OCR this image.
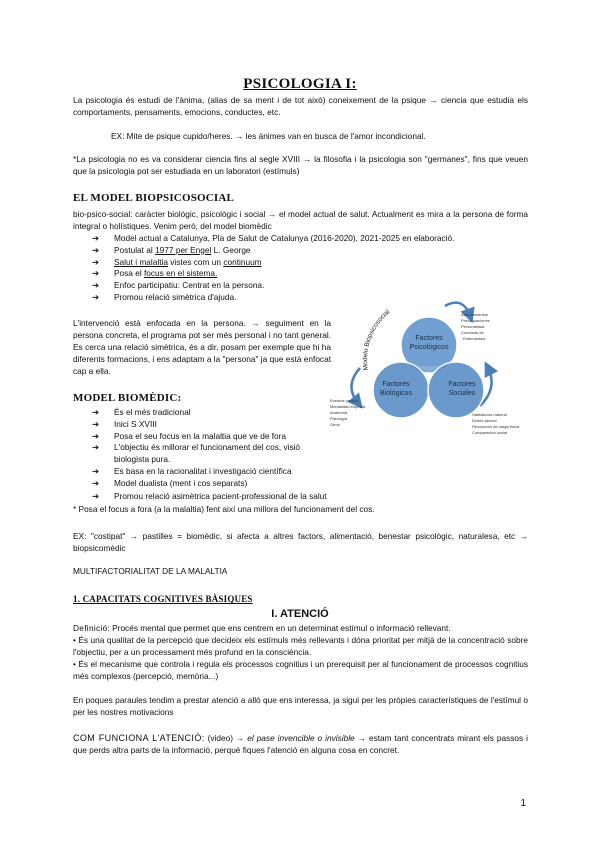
PSICOLOGIA I:
La psicologia és estudi de l'ànima, (alias de sa ment i de tot això) coneixement de la psique → ciencia que estudia els comportaments, pensaments, emocions, conductes, etc.
EX: Mite de psique cupido/heres. → les ànimes van en busca de l'amor incondicional.
*La psicologia no es va considerar ciencia fins al segle XVIII → la filosofia i la psicologia son "germanes", fins que veuen que la psicologia pot ser estudiada en un laboratori (estímuls)
EL MODEL BIOPSICOSOCIAL
bio-psico-social: caràcter biològic, psicològic i social → el model actual de salut. Actualment es mira a la persona de forma integral o holístiques. Venim però, del model biomèdic
➔ Model actual a Catalunya, Pla de Salut de Catalunya (2016-2020), 2021-2025 en elaboració.
➔ Postulat al 1977 per Engel L. George
➔ Salut i malaltia vistes com un continuum
➔ Posa el focus en el sistema.
➔ Enfoc participatiu: Centrat en la persona.
➔ Promou relació simètrica d'ajuda.
L'intervenció està enfocada en la persona. → seguiment en la persona concreta, el programa pot ser més personal i no tant general. Es cerca una relació simètrica, és a dir, posam per exemple que hi ha diferents formacions, i ens adaptam a la "persona" ja que està enfocat cap a ella.	Modelo Biopsicosocial
Factores
Psicológicos
Factores
Biológicos
Factores
Sociales
Afrontamientos
Preocupaciones
Personalidad
Conducta de
Enfermedad
Eventos previos
Mentalidad especial
Anatomía
Fisiología
Otros
Satisfacción laboral
Estrés laboral
Percepción de carga física
Comparación social
MODEL BIOMÈDIC:
➔ És el més tradicional
➔ Inici S XVIII
➔ Posa el seu focus en la malaltia que ve de fora
➔ L'objectiu és millorar el funcionament del cos, visió biologista pura.
➔ Es basa en la racionalitat i investigació científica
➔ Model dualista (ment i cos separats)
➔ Promou relació asimètrica pacient-professional de la salut
* Posa el focus a fora (a la malaltia) fent així una millora del funcionament del cos.
EX: "costipat" → pastilles = biomèdic, si afecta a altres factors, alimentació, benestar psicològic, naturalesa, etc → biopsicomèdic
MULTIFACTORIALITAT DE LA MALALTIA
1. CAPACITATS COGNITIVES BÀSIQUES
I. ATENCIÓ
Definició: Procés mental que permet que ens centrem en un determinat estímul o informació rellevant.
• És una qualitat de la percepció que decideix els estímuls més rellevants i dóna prioritat per mitjà de la concentració sobre l'objectiu, per a un processament més profund en la consciència.
• És el mecanisme que controla i regula els processos cognitius i un prerequisit per al funcionament de processos cognitius més complexos (percepció, memòria...)
En poques paraules tendim a prestar atenció a allò que ens interessa, ja sigui per les pròpies característiques de l'estímul o per les nostres motivacions
COM FUNCIONA L'ATENCIÓ: (video) → el pase invencible o invisible → estam tant concentrats mirant els passos i que perds altra parts de la informació, perquè fiques l'atenció en alguna cosa en concret.
1
